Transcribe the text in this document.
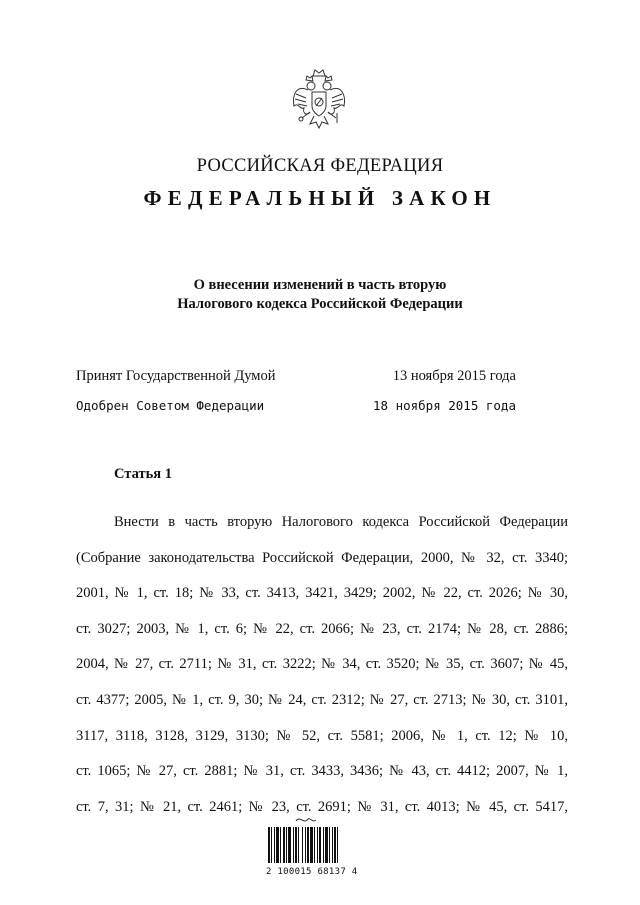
РОССИЙСКАЯ ФЕДЕРАЦИЯ
ФЕДЕРАЛЬНЫЙ ЗАКОН
О внесении изменений в часть вторую
Налогового кодекса Российской Федерации
Принят Государственной Думой	13 ноября 2015 года
Одобрен Советом Федерации	18 ноября 2015 года
Статья 1
Внести в часть вторую Налогового кодекса Российской Федерации
(Собрание законодательства Российской Федерации, 2000, № 32, ст. 3340;
2001, № 1, ст. 18; № 33, ст. 3413, 3421, 3429; 2002, № 22, ст. 2026; № 30,
ст. 3027; 2003, № 1, ст. 6; № 22, ст. 2066; № 23, ст. 2174; № 28, ст. 2886;
2004, № 27, ст. 2711; № 31, ст. 3222; № 34, ст. 3520; № 35, ст. 3607; № 45,
ст. 4377; 2005, № 1, ст. 9, 30; № 24, ст. 2312; № 27, ст. 2713; № 30, ст. 3101,
3117, 3118, 3128, 3129, 3130; № 52, ст. 5581; 2006, № 1, ст. 12; № 10,
ст. 1065; № 27, ст. 2881; № 31, ст. 3433, 3436; № 43, ст. 4412; 2007, № 1,
ст. 7, 31; № 21, ст. 2461; № 23, ст. 2691; № 31, ст. 4013; № 45, ст. 5417,
2 100015 68137 4
